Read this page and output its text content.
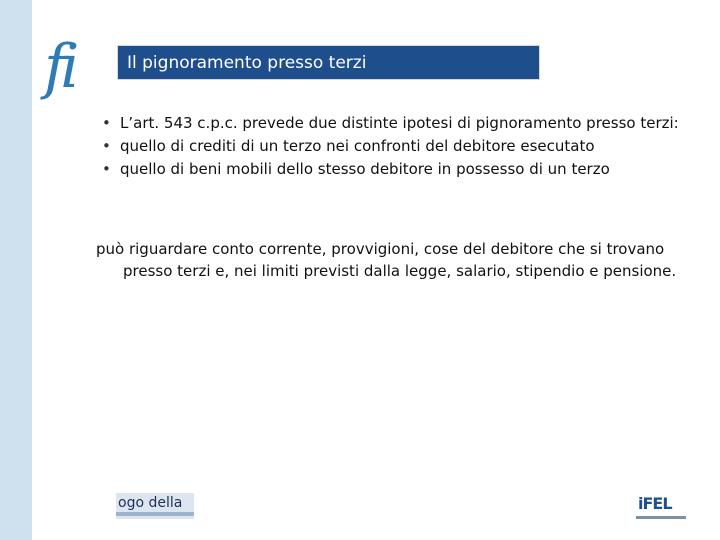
fi	Il pignoramento presso terzi
• L’art. 543 c.p.c. prevede due distinte ipotesi di pignoramento presso terzi:
• quello di crediti di un terzo nei confronti del debitore esecutato
• quello di beni mobili dello stesso debitore in possesso di un terzo
può riguardare conto corrente, provvigioni, cose del debitore che si trovano presso terzi e, nei limiti previsti dalla legge, salario, stipendio e pensione.
ogo della	iFEL
